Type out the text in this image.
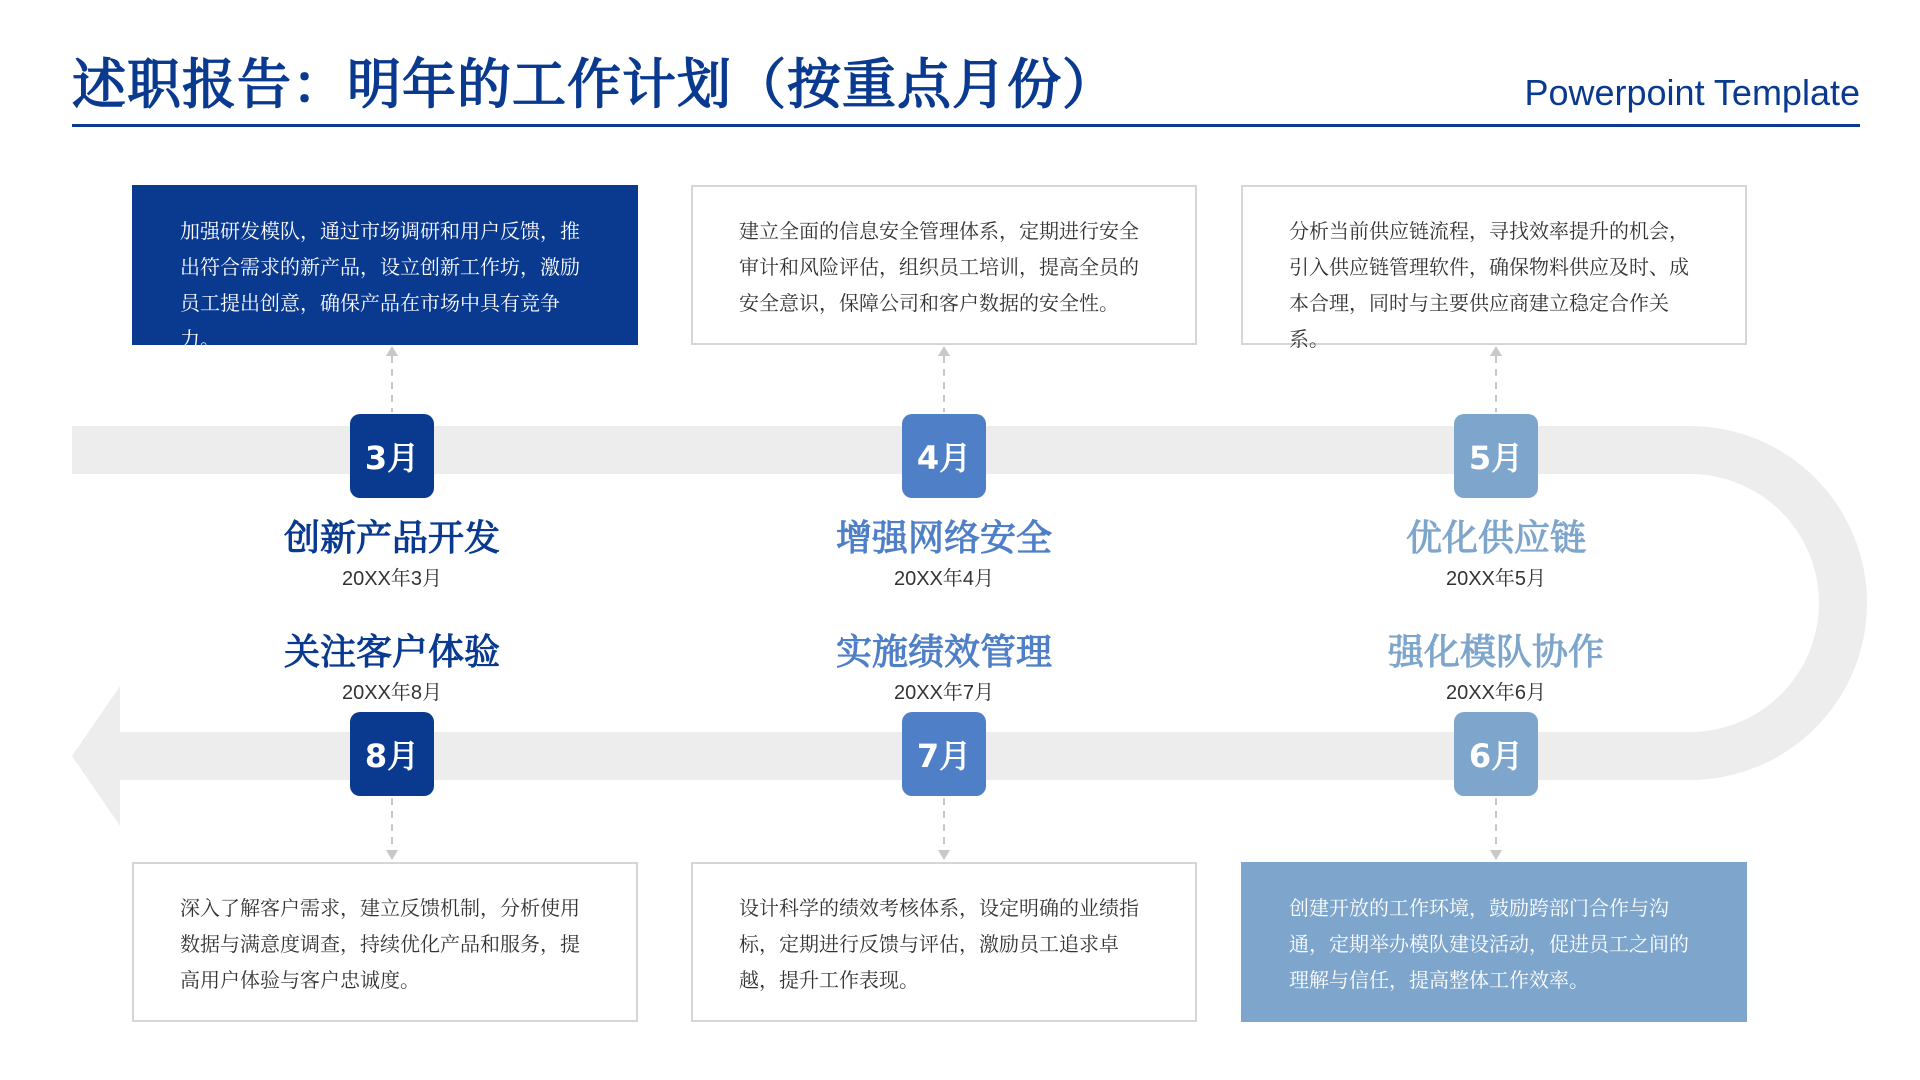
述职报告：明年的工作计划（按重点月份）	Powerpoint Template
加强研发模队，通过市场调研和用户反馈，推出符合需求的新产品，设立创新工作坊，激励员工提出创意，确保产品在市场中具有竞争力。
建立全面的信息安全管理体系，定期进行安全审计和风险评估，组织员工培训，提高全员的安全意识，保障公司和客户数据的安全性。
分析当前供应链流程，寻找效率提升的机会，引入供应链管理软件，确保物料供应及时、成本合理，同时与主要供应商建立稳定合作关系。
3月	4月	5月
创新产品开发	增强网络安全	优化供应链
20XX年3月	20XX年4月	20XX年5月
关注客户体验	实施绩效管理	强化模队协作
20XX年8月	20XX年7月	20XX年6月
8月	7月	6月
深入了解客户需求，建立反馈机制，分析使用数据与满意度调查，持续优化产品和服务，提高用户体验与客户忠诚度。
设计科学的绩效考核体系，设定明确的业绩指标，定期进行反馈与评估，激励员工追求卓越，提升工作表现。
创建开放的工作环境，鼓励跨部门合作与沟通，定期举办模队建设活动，促进员工之间的理解与信任，提高整体工作效率。
